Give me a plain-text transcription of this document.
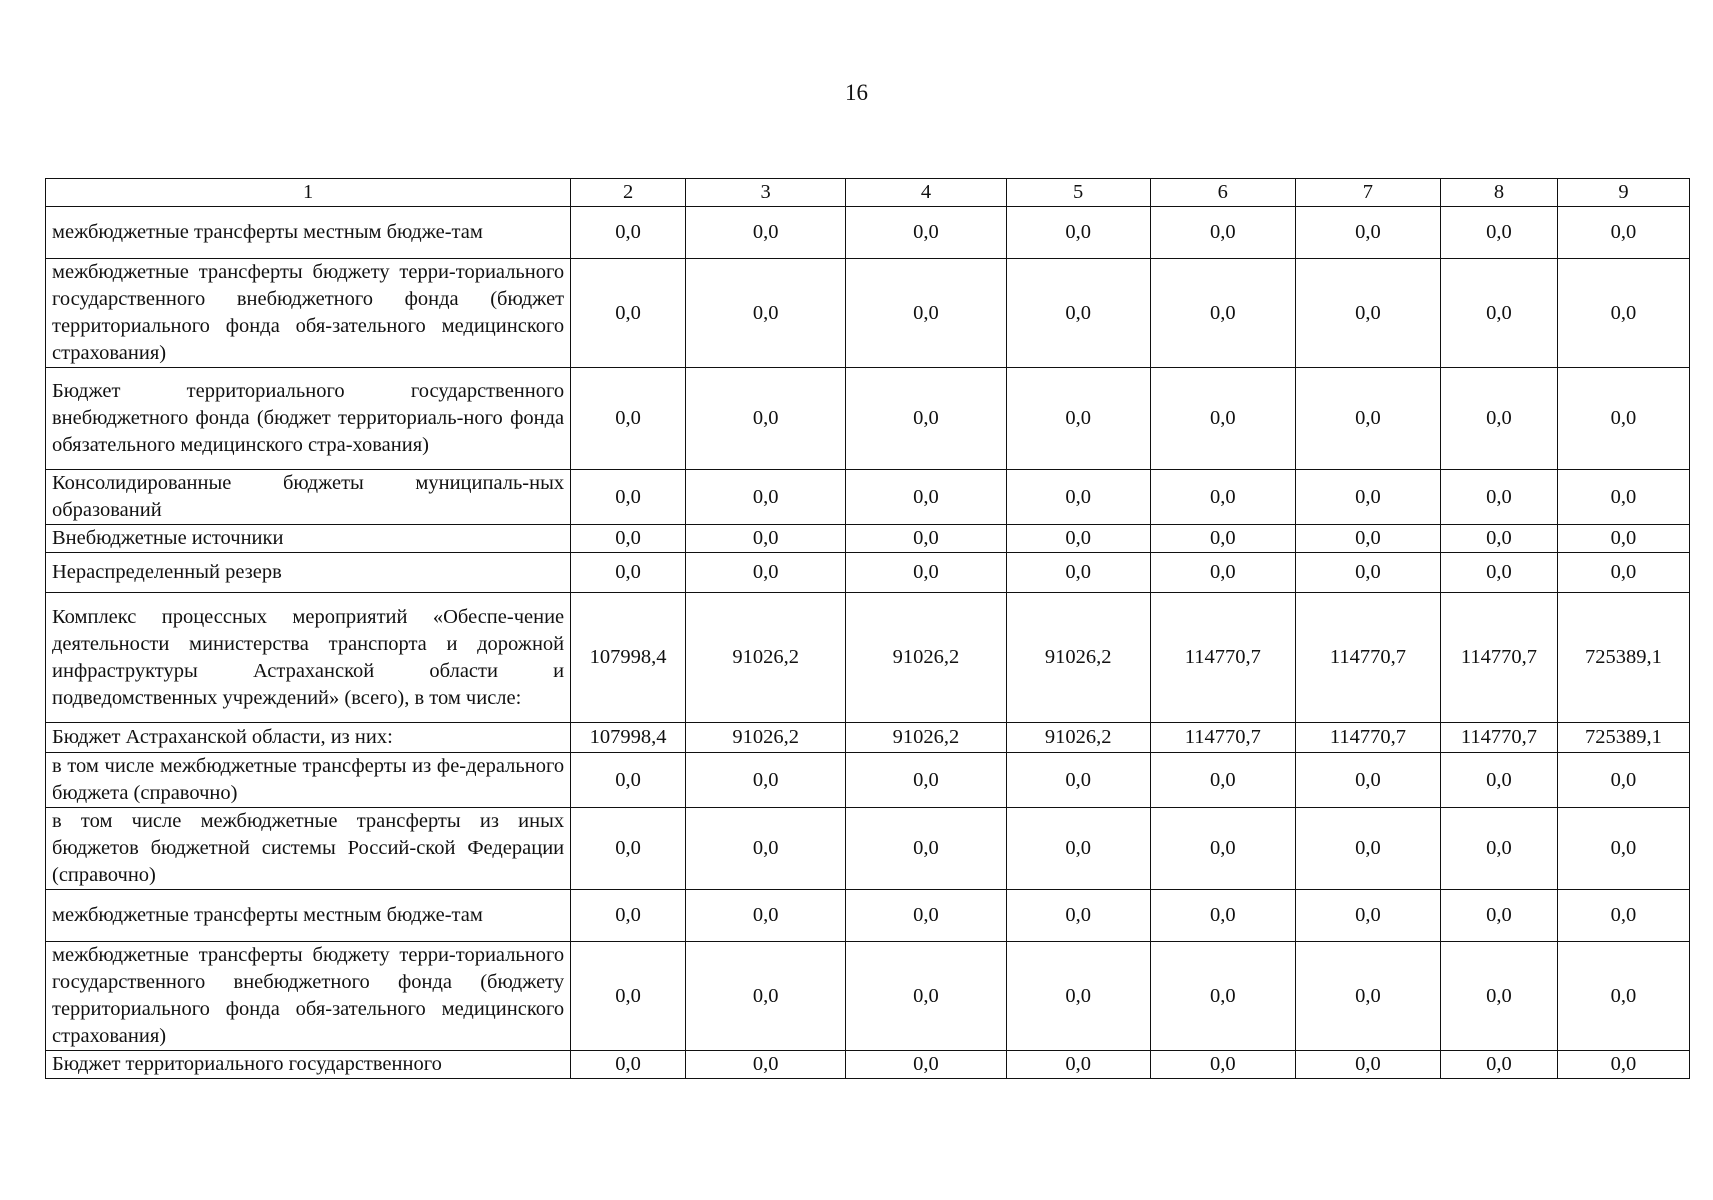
16
1	2	3	4	5	6	7	8	9
межбюджетные трансферты местным бюдже-там	0,0	0,0	0,0	0,0	0,0	0,0	0,0	0,0
межбюджетные трансферты бюджету терри-ториального государственного внебюджетного фонда (бюджет территориального фонда обя-зательного медицинского страхования)	0,0	0,0	0,0	0,0	0,0	0,0	0,0	0,0
Бюджет территориального государственного внебюджетного фонда (бюджет территориаль-ного фонда обязательного медицинского стра-хования)	0,0	0,0	0,0	0,0	0,0	0,0	0,0	0,0
Консолидированные бюджеты муниципаль-ных образований	0,0	0,0	0,0	0,0	0,0	0,0	0,0	0,0
Внебюджетные источники	0,0	0,0	0,0	0,0	0,0	0,0	0,0	0,0
Нераспределенный резерв	0,0	0,0	0,0	0,0	0,0	0,0	0,0	0,0
Комплекс процессных мероприятий «Обеспе-чение деятельности министерства транспорта и дорожной инфраструктуры Астраханской области и подведомственных учреждений» (всего), в том числе:	107998,4	91026,2	91026,2	91026,2	114770,7	114770,7	114770,7	725389,1
Бюджет Астраханской области, из них:	107998,4	91026,2	91026,2	91026,2	114770,7	114770,7	114770,7	725389,1
в том числе межбюджетные трансферты из фе-дерального бюджета (справочно)	0,0	0,0	0,0	0,0	0,0	0,0	0,0	0,0
в том числе межбюджетные трансферты из иных бюджетов бюджетной системы Россий-ской Федерации (справочно)	0,0	0,0	0,0	0,0	0,0	0,0	0,0	0,0
межбюджетные трансферты местным бюдже-там	0,0	0,0	0,0	0,0	0,0	0,0	0,0	0,0
межбюджетные трансферты бюджету терри-ториального государственного внебюджетного фонда (бюджету территориального фонда обя-зательного медицинского страхования)	0,0	0,0	0,0	0,0	0,0	0,0	0,0	0,0
Бюджет территориального государственного	0,0	0,0	0,0	0,0	0,0	0,0	0,0	0,0
